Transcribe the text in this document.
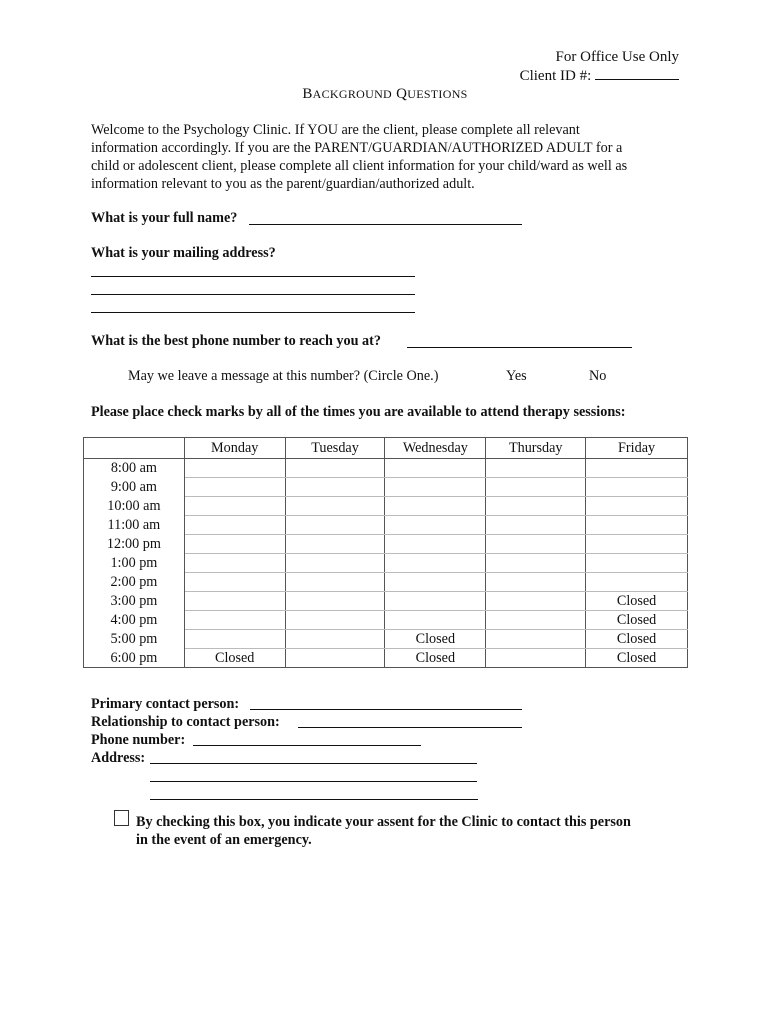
For Office Use Only
Client ID #:
BACKGROUND QUESTIONS
Welcome to the Psychology Clinic. If YOU are the client, please complete all relevant
information accordingly. If you are the PARENT/GUARDIAN/AUTHORIZED ADULT for a
child or adolescent client, please complete all client information for your child/ward as well as
information relevant to you as the parent/guardian/authorized adult.
What is your full name?
What is your mailing address?
What is the best phone number to reach you at?
May we leave a message at this number? (Circle One.)	Yes	No
Please place check marks by all of the times you are available to attend therapy sessions:
	Monday	Tuesday	Wednesday	Thursday	Friday
8:00 am					
9:00 am					
10:00 am					
11:00 am					
12:00 pm					
1:00 pm					
2:00 pm					
3:00 pm					Closed
4:00 pm					Closed
5:00 pm			Closed		Closed
6:00 pm	Closed		Closed		Closed
Primary contact person:
Relationship to contact person:
Phone number:
Address:
By checking this box, you indicate your assent for the Clinic to contact this person
in the event of an emergency.
